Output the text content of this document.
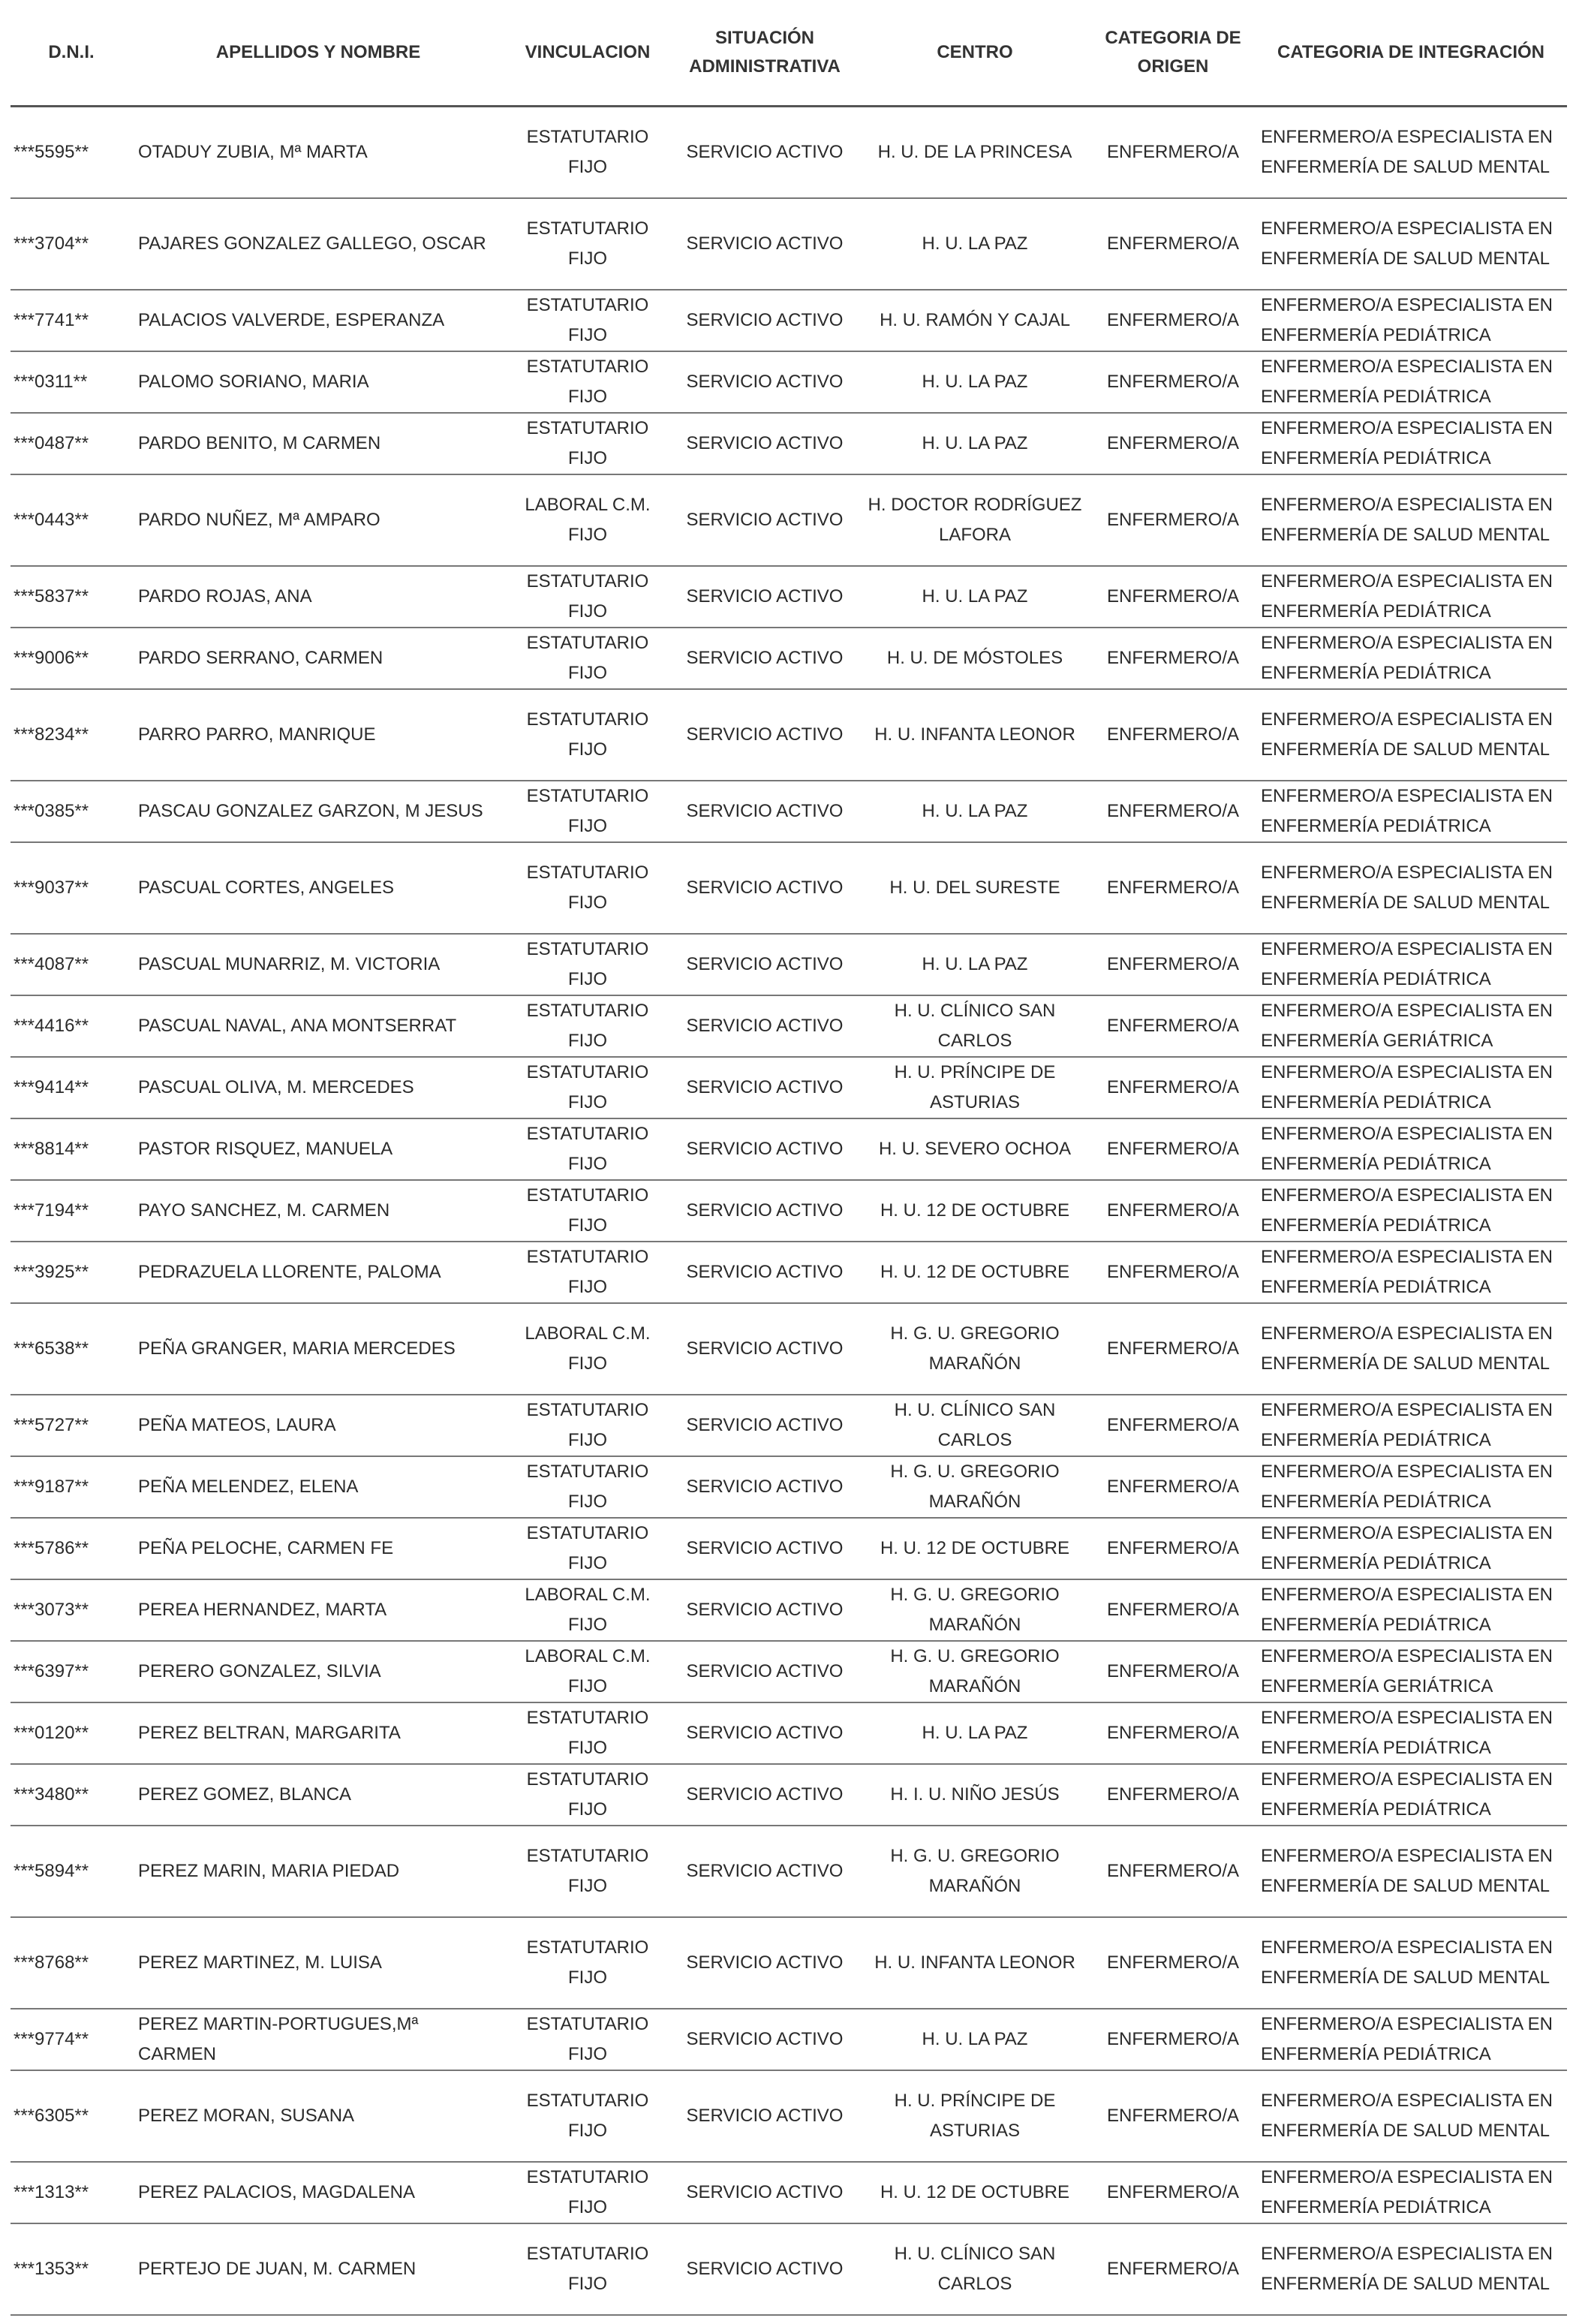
D.N.I.	APELLIDOS Y NOMBRE	VINCULACION	SITUACIÓN ADMINISTRATIVA	CENTRO	CATEGORIA DE ORIGEN	CATEGORIA DE INTEGRACIÓN
***5595**	OTADUY ZUBIA, Mª MARTA	ESTATUTARIO FIJO	SERVICIO ACTIVO	H. U. DE LA PRINCESA	ENFERMERO/A	ENFERMERO/A ESPECIALISTA EN ENFERMERÍA DE SALUD MENTAL
***3704**	PAJARES GONZALEZ GALLEGO, OSCAR	ESTATUTARIO FIJO	SERVICIO ACTIVO	H. U. LA PAZ	ENFERMERO/A	ENFERMERO/A ESPECIALISTA EN ENFERMERÍA DE SALUD MENTAL
***7741**	PALACIOS VALVERDE, ESPERANZA	ESTATUTARIO FIJO	SERVICIO ACTIVO	H. U. RAMÓN Y CAJAL	ENFERMERO/A	ENFERMERO/A ESPECIALISTA EN ENFERMERÍA PEDIÁTRICA
***0311**	PALOMO SORIANO, MARIA	ESTATUTARIO FIJO	SERVICIO ACTIVO	H. U. LA PAZ	ENFERMERO/A	ENFERMERO/A ESPECIALISTA EN ENFERMERÍA PEDIÁTRICA
***0487**	PARDO BENITO, M CARMEN	ESTATUTARIO FIJO	SERVICIO ACTIVO	H. U. LA PAZ	ENFERMERO/A	ENFERMERO/A ESPECIALISTA EN ENFERMERÍA PEDIÁTRICA
***0443**	PARDO NUÑEZ, Mª AMPARO	LABORAL C.M. FIJO	SERVICIO ACTIVO	H. DOCTOR RODRÍGUEZ LAFORA	ENFERMERO/A	ENFERMERO/A ESPECIALISTA EN ENFERMERÍA DE SALUD MENTAL
***5837**	PARDO ROJAS, ANA	ESTATUTARIO FIJO	SERVICIO ACTIVO	H. U. LA PAZ	ENFERMERO/A	ENFERMERO/A ESPECIALISTA EN ENFERMERÍA PEDIÁTRICA
***9006**	PARDO SERRANO, CARMEN	ESTATUTARIO FIJO	SERVICIO ACTIVO	H. U. DE MÓSTOLES	ENFERMERO/A	ENFERMERO/A ESPECIALISTA EN ENFERMERÍA PEDIÁTRICA
***8234**	PARRO PARRO, MANRIQUE	ESTATUTARIO FIJO	SERVICIO ACTIVO	H. U. INFANTA LEONOR	ENFERMERO/A	ENFERMERO/A ESPECIALISTA EN ENFERMERÍA DE SALUD MENTAL
***0385**	PASCAU GONZALEZ GARZON, M JESUS	ESTATUTARIO FIJO	SERVICIO ACTIVO	H. U. LA PAZ	ENFERMERO/A	ENFERMERO/A ESPECIALISTA EN ENFERMERÍA PEDIÁTRICA
***9037**	PASCUAL CORTES, ANGELES	ESTATUTARIO FIJO	SERVICIO ACTIVO	H. U. DEL SURESTE	ENFERMERO/A	ENFERMERO/A ESPECIALISTA EN ENFERMERÍA DE SALUD MENTAL
***4087**	PASCUAL MUNARRIZ, M. VICTORIA	ESTATUTARIO FIJO	SERVICIO ACTIVO	H. U. LA PAZ	ENFERMERO/A	ENFERMERO/A ESPECIALISTA EN ENFERMERÍA PEDIÁTRICA
***4416**	PASCUAL NAVAL, ANA MONTSERRAT	ESTATUTARIO FIJO	SERVICIO ACTIVO	H. U. CLÍNICO SAN CARLOS	ENFERMERO/A	ENFERMERO/A ESPECIALISTA EN ENFERMERÍA GERIÁTRICA
***9414**	PASCUAL OLIVA, M. MERCEDES	ESTATUTARIO FIJO	SERVICIO ACTIVO	H. U. PRÍNCIPE DE ASTURIAS	ENFERMERO/A	ENFERMERO/A ESPECIALISTA EN ENFERMERÍA PEDIÁTRICA
***8814**	PASTOR RISQUEZ, MANUELA	ESTATUTARIO FIJO	SERVICIO ACTIVO	H. U. SEVERO OCHOA	ENFERMERO/A	ENFERMERO/A ESPECIALISTA EN ENFERMERÍA PEDIÁTRICA
***7194**	PAYO SANCHEZ, M. CARMEN	ESTATUTARIO FIJO	SERVICIO ACTIVO	H. U. 12 DE OCTUBRE	ENFERMERO/A	ENFERMERO/A ESPECIALISTA EN ENFERMERÍA PEDIÁTRICA
***3925**	PEDRAZUELA LLORENTE, PALOMA	ESTATUTARIO FIJO	SERVICIO ACTIVO	H. U. 12 DE OCTUBRE	ENFERMERO/A	ENFERMERO/A ESPECIALISTA EN ENFERMERÍA PEDIÁTRICA
***6538**	PEÑA GRANGER, MARIA MERCEDES	LABORAL C.M. FIJO	SERVICIO ACTIVO	H. G. U. GREGORIO MARAÑÓN	ENFERMERO/A	ENFERMERO/A ESPECIALISTA EN ENFERMERÍA DE SALUD MENTAL
***5727**	PEÑA MATEOS, LAURA	ESTATUTARIO FIJO	SERVICIO ACTIVO	H. U. CLÍNICO SAN CARLOS	ENFERMERO/A	ENFERMERO/A ESPECIALISTA EN ENFERMERÍA PEDIÁTRICA
***9187**	PEÑA MELENDEZ, ELENA	ESTATUTARIO FIJO	SERVICIO ACTIVO	H. G. U. GREGORIO MARAÑÓN	ENFERMERO/A	ENFERMERO/A ESPECIALISTA EN ENFERMERÍA PEDIÁTRICA
***5786**	PEÑA PELOCHE, CARMEN FE	ESTATUTARIO FIJO	SERVICIO ACTIVO	H. U. 12 DE OCTUBRE	ENFERMERO/A	ENFERMERO/A ESPECIALISTA EN ENFERMERÍA PEDIÁTRICA
***3073**	PEREA HERNANDEZ, MARTA	LABORAL C.M. FIJO	SERVICIO ACTIVO	H. G. U. GREGORIO MARAÑÓN	ENFERMERO/A	ENFERMERO/A ESPECIALISTA EN ENFERMERÍA PEDIÁTRICA
***6397**	PERERO GONZALEZ, SILVIA	LABORAL C.M. FIJO	SERVICIO ACTIVO	H. G. U. GREGORIO MARAÑÓN	ENFERMERO/A	ENFERMERO/A ESPECIALISTA EN ENFERMERÍA GERIÁTRICA
***0120**	PEREZ BELTRAN, MARGARITA	ESTATUTARIO FIJO	SERVICIO ACTIVO	H. U. LA PAZ	ENFERMERO/A	ENFERMERO/A ESPECIALISTA EN ENFERMERÍA PEDIÁTRICA
***3480**	PEREZ GOMEZ, BLANCA	ESTATUTARIO FIJO	SERVICIO ACTIVO	H. I. U. NIÑO JESÚS	ENFERMERO/A	ENFERMERO/A ESPECIALISTA EN ENFERMERÍA PEDIÁTRICA
***5894**	PEREZ MARIN, MARIA PIEDAD	ESTATUTARIO FIJO	SERVICIO ACTIVO	H. G. U. GREGORIO MARAÑÓN	ENFERMERO/A	ENFERMERO/A ESPECIALISTA EN ENFERMERÍA DE SALUD MENTAL
***8768**	PEREZ MARTINEZ, M. LUISA	ESTATUTARIO FIJO	SERVICIO ACTIVO	H. U. INFANTA LEONOR	ENFERMERO/A	ENFERMERO/A ESPECIALISTA EN ENFERMERÍA DE SALUD MENTAL
***9774**	PEREZ MARTIN-PORTUGUES,Mª CARMEN	ESTATUTARIO FIJO	SERVICIO ACTIVO	H. U. LA PAZ	ENFERMERO/A	ENFERMERO/A ESPECIALISTA EN ENFERMERÍA PEDIÁTRICA
***6305**	PEREZ MORAN, SUSANA	ESTATUTARIO FIJO	SERVICIO ACTIVO	H. U. PRÍNCIPE DE ASTURIAS	ENFERMERO/A	ENFERMERO/A ESPECIALISTA EN ENFERMERÍA DE SALUD MENTAL
***1313**	PEREZ PALACIOS, MAGDALENA	ESTATUTARIO FIJO	SERVICIO ACTIVO	H. U. 12 DE OCTUBRE	ENFERMERO/A	ENFERMERO/A ESPECIALISTA EN ENFERMERÍA PEDIÁTRICA
***1353**	PERTEJO DE JUAN, M. CARMEN	ESTATUTARIO FIJO	SERVICIO ACTIVO	H. U. CLÍNICO SAN CARLOS	ENFERMERO/A	ENFERMERO/A ESPECIALISTA EN ENFERMERÍA DE SALUD MENTAL
